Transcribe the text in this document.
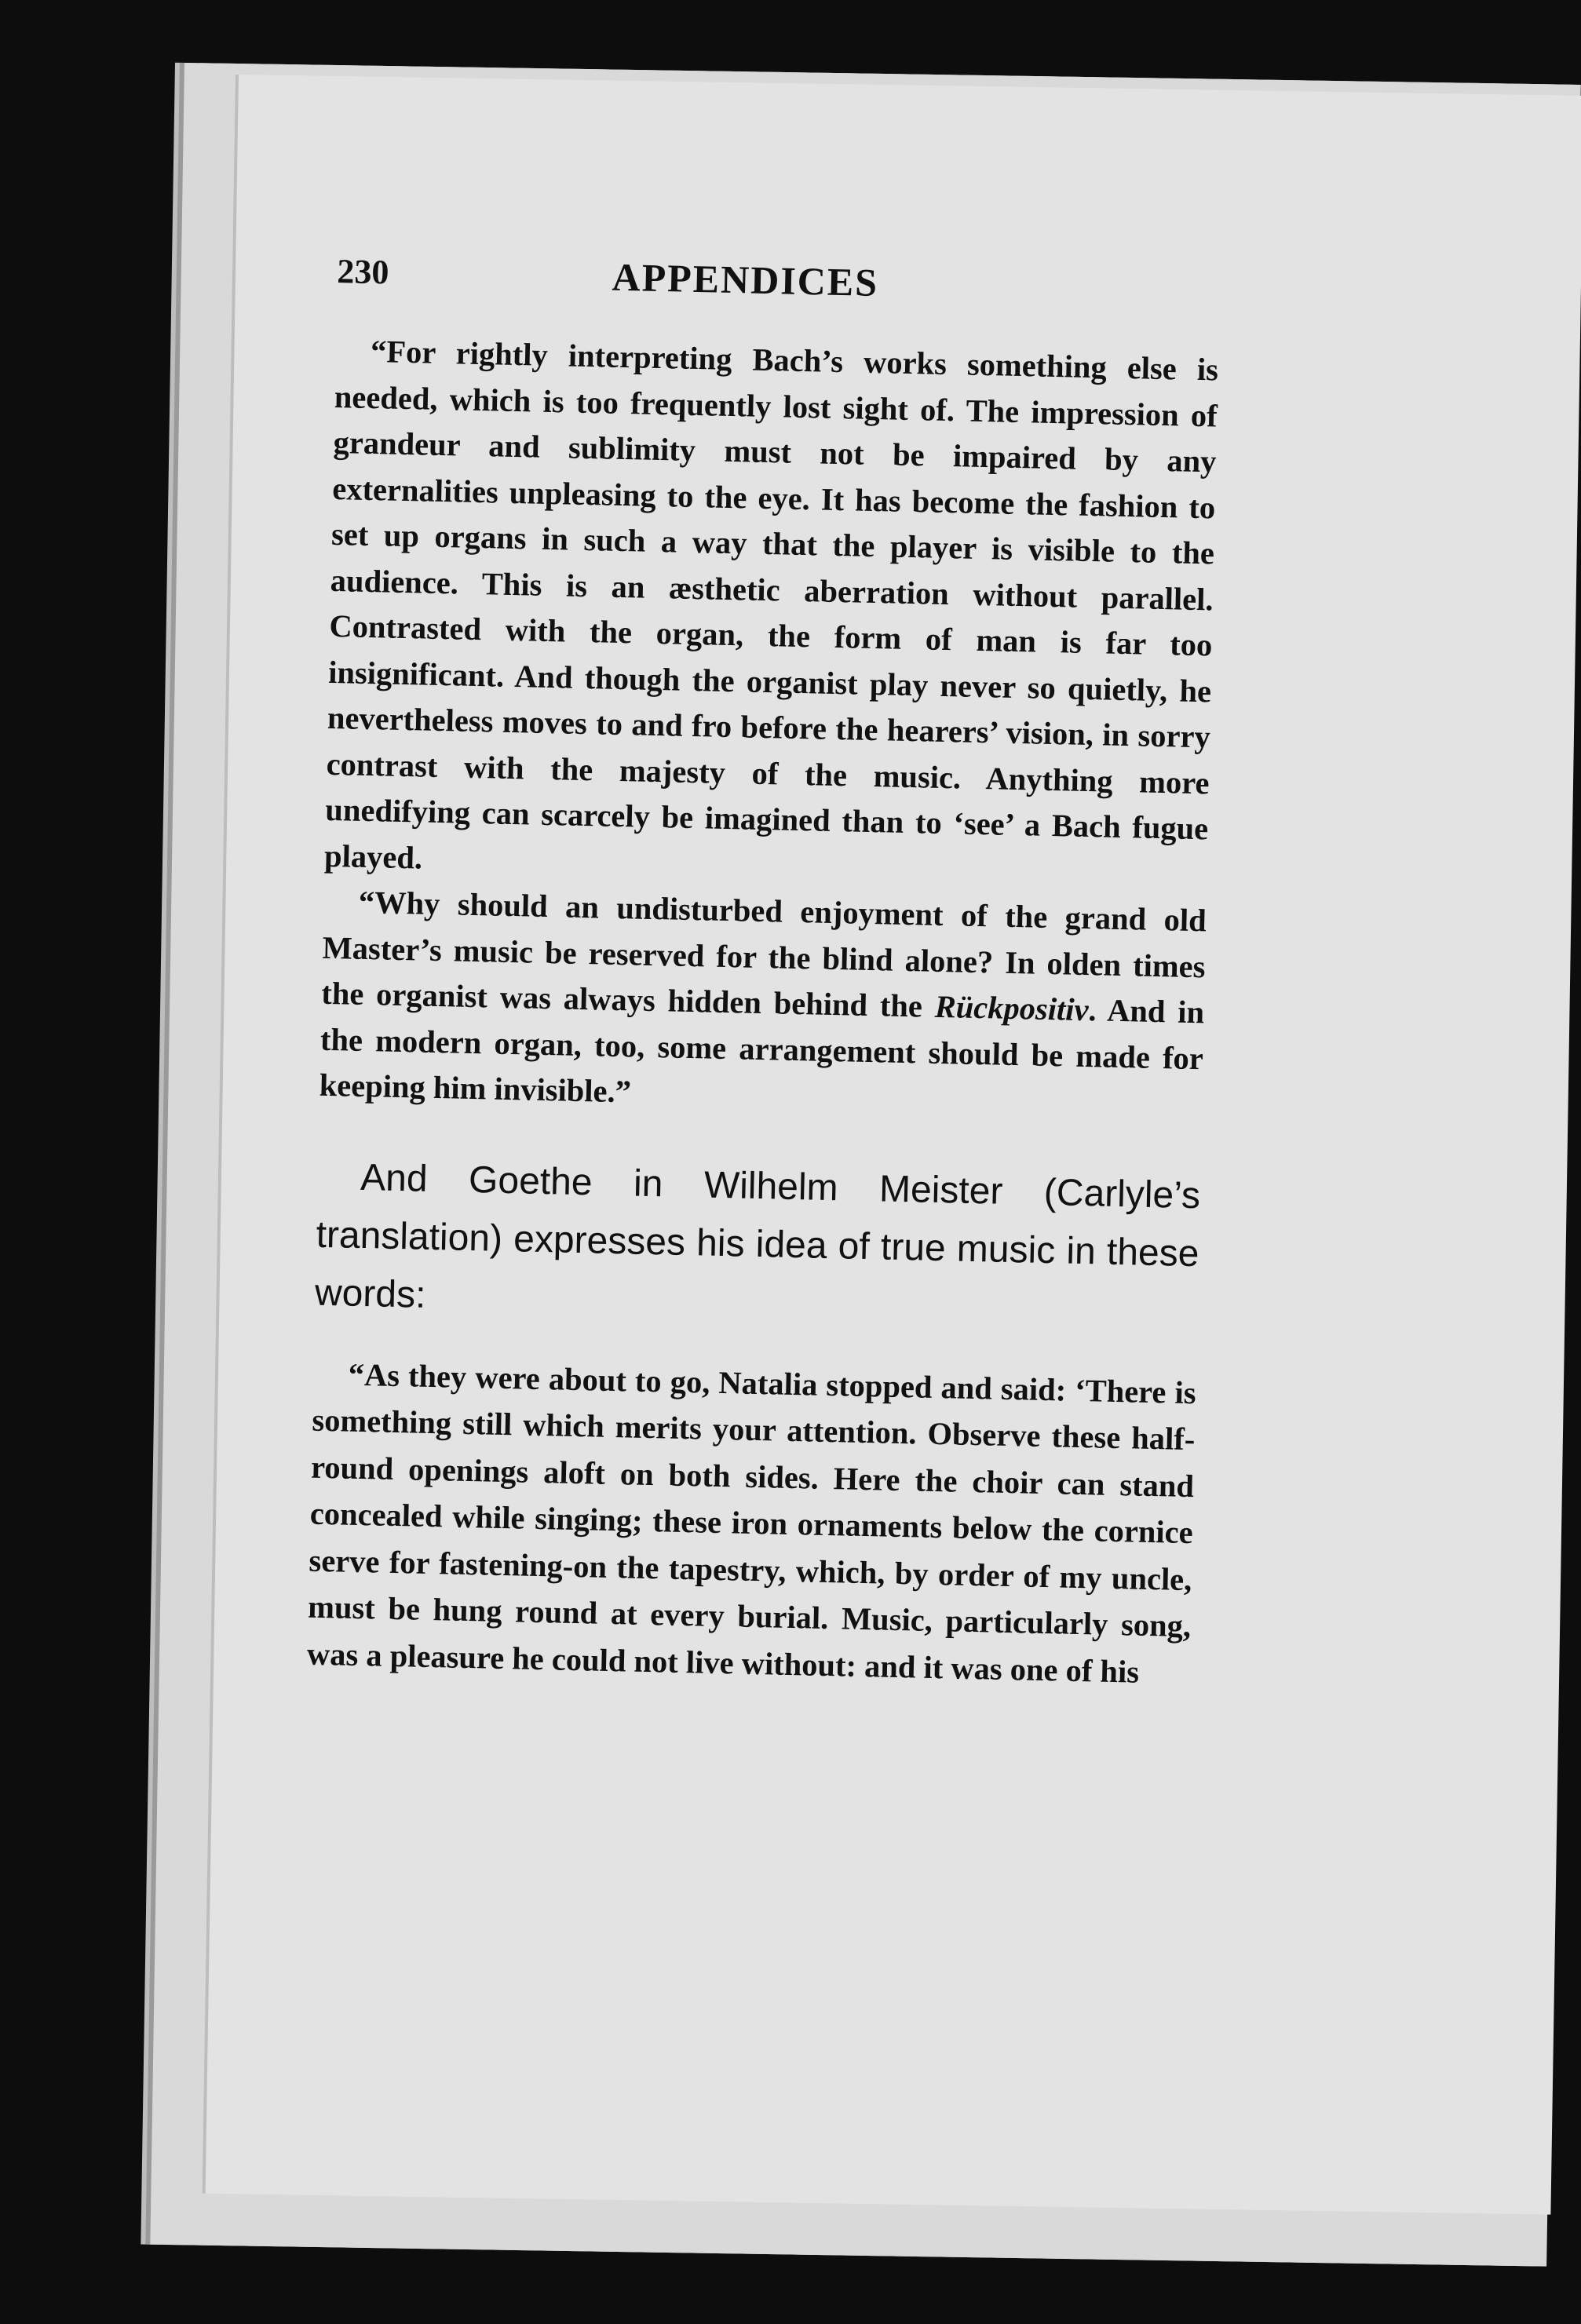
230	APPENDICES

“For rightly interpreting Bach’s works something else is needed, which is too frequently lost sight of. The impression of grandeur and sublimity must not be impaired by any externalities unpleasing to the eye. It has become the fashion to set up organs in such a way that the player is visible to the audience. This is an æsthetic aberration without parallel. Contrasted with the organ, the form of man is far too insignificant. And though the organist play never so quietly, he nevertheless moves to and fro before the hearers’ vision, in sorry contrast with the majesty of the music. Anything more unedifying can scarcely be imagined than to ‘see’ a Bach fugue played.

“Why should an undisturbed enjoyment of the grand old Master’s music be reserved for the blind alone? In olden times the organist was always hidden behind the Rückpositiv. And in the modern organ, too, some arrangement should be made for keeping him invisible.”

And Goethe in Wilhelm Meister (Carlyle’s translation) expresses his idea of true music in these words:

“As they were about to go, Natalia stopped and said: ‘There is something still which merits your attention. Observe these half-round openings aloft on both sides. Here the choir can stand concealed while singing; these iron ornaments below the cornice serve for fastening-on the tapestry, which, by order of my uncle, must be hung round at every burial. Music, particularly song, was a pleasure he could not live without: and it was one of his
